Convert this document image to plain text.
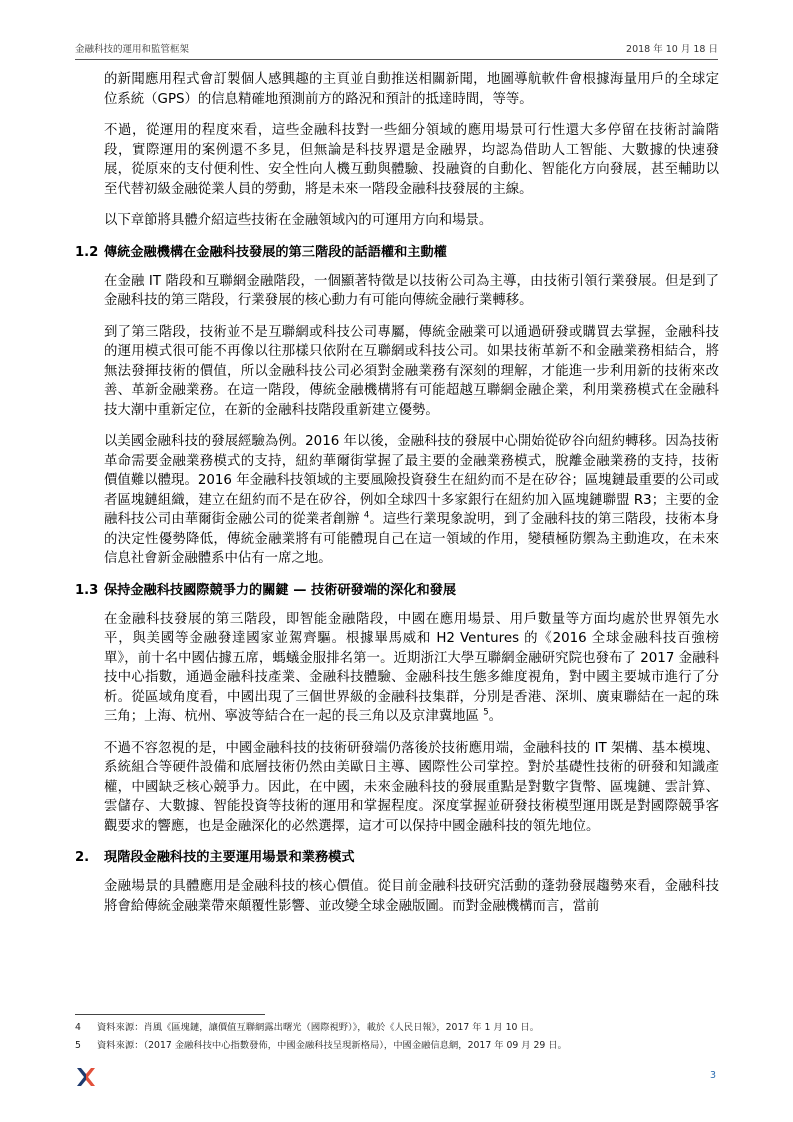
金融科技的運用和監管框架	2018 年 10 月 18 日

的新聞應用程式會訂製個人感興趣的主頁並自動推送相關新聞，地圖導航軟件會根據海量用戶的全球定位系統（GPS）的信息精確地預測前方的路況和預計的抵達時間，等等。

不過，從運用的程度來看，這些金融科技對一些細分領域的應用場景可行性還大多停留在技術討論階段，實際運用的案例還不多見，但無論是科技界還是金融界，均認為借助人工智能、大數據的快速發展，從原來的支付便利性、安全性向人機互動與體驗、投融資的自動化、智能化方向發展，甚至輔助以至代替初級金融從業人員的勞動，將是未來一階段金融科技發展的主線。

以下章節將具體介紹這些技術在金融領域內的可運用方向和場景。

1.2 傳統金融機構在金融科技發展的第三階段的話語權和主動權

在金融 IT 階段和互聯網金融階段，一個顯著特徵是以技術公司為主導，由技術引領行業發展。但是到了金融科技的第三階段，行業發展的核心動力有可能向傳統金融行業轉移。

到了第三階段，技術並不是互聯網或科技公司專屬，傳統金融業可以通過研發或購買去掌握，金融科技的運用模式很可能不再像以往那樣只依附在互聯網或科技公司。如果技術革新不和金融業務相結合，將無法發揮技術的價值，所以金融科技公司必須對金融業務有深刻的理解，才能進一步利用新的技術來改善、革新金融業務。在這一階段，傳統金融機構將有可能超越互聯網金融企業，利用業務模式在金融科技大潮中重新定位，在新的金融科技階段重新建立優勢。

以美國金融科技的發展經驗為例。2016 年以後，金融科技的發展中心開始從矽谷向紐約轉移。因為技術革命需要金融業務模式的支持，紐約華爾街掌握了最主要的金融業務模式，脫離金融業務的支持，技術價值難以體現。2016 年金融科技領域的主要風險投資發生在紐約而不是在矽谷；區塊鏈最重要的公司或者區塊鏈組織，建立在紐約而不是在矽谷，例如全球四十多家銀行在紐約加入區塊鏈聯盟 R3；主要的金融科技公司由華爾街金融公司的從業者創辦 $^4$。這些行業現象說明，到了金融科技的第三階段，技術本身的決定性優勢降低，傳統金融業將有可能體現自己在這一領域的作用，變積極防禦為主動進攻，在未來信息社會新金融體系中佔有一席之地。

1.3 保持金融科技國際競爭力的關鍵 — 技術研發端的深化和發展

在金融科技發展的第三階段，即智能金融階段，中國在應用場景、用戶數量等方面均處於世界領先水平，與美國等金融發達國家並駕齊驅。根據畢馬威和 H2 Ventures 的《2016 全球金融科技百強榜單》，前十名中國佔據五席，螞蟻金服排名第一。近期浙江大學互聯網金融研究院也發布了 2017 金融科技中心指數，通過金融科技產業、金融科技體驗、金融科技生態多維度視角，對中國主要城市進行了分析。從區域角度看，中國出現了三個世界級的金融科技集群，分別是香港、深圳、廣東聯結在一起的珠三角；上海、杭州、寧波等結合在一起的長三角以及京津冀地區 $^5$。

不過不容忽視的是，中國金融科技的技術研發端仍落後於技術應用端，金融科技的 IT 架構、基本模塊、系統組合等硬件設備和底層技術仍然由美歐日主導、國際性公司掌控。對於基礎性技術的研發和知識產權，中國缺乏核心競爭力。因此，在中國，未來金融科技的發展重點是對數字貨幣、區塊鏈、雲計算、雲儲存、大數據、智能投資等技術的運用和掌握程度。深度掌握並研發技術模型運用既是對國際競爭客觀要求的響應，也是金融深化的必然選擇，這才可以保持中國金融科技的領先地位。

2. 現階段金融科技的主要運用場景和業務模式

金融場景的具體應用是金融科技的核心價值。從目前金融科技研究活動的蓬勃發展趨勢來看，金融科技將會給傳統金融業帶來顛覆性影響、並改變全球金融版圖。而對金融機構而言，當前

4	資料來源：肖風《區塊鏈，讓價值互聯網露出曙光（國際視野）》，載於《人民日報》，2017 年 1 月 10 日。
5	資料來源：（2017 金融科技中心指數發佈，中國金融科技呈現新格局），中國金融信息網，2017 年 09 月 29 日。
3
